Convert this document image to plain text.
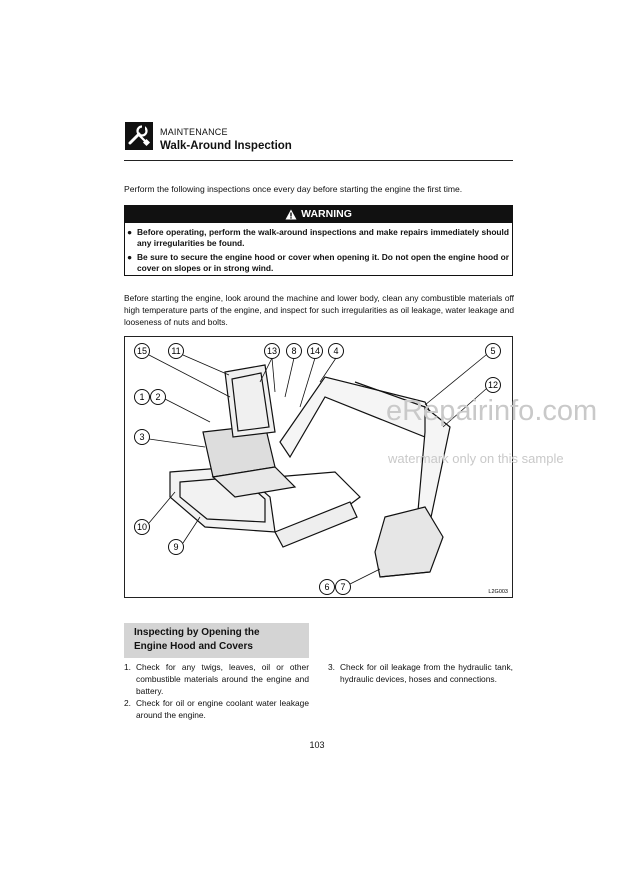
MAINTENANCE
Walk-Around Inspection
Perform the following inspections once every day before starting the engine the first time.
WARNING
● Before operating, perform the walk-around inspections and make repairs immediately should any irregularities be found.
● Be sure to secure the engine hood or cover when opening it. Do not open the engine hood or cover on slopes or in strong wind.
Before starting the engine, look around the machine and lower body, clean any combustible materials off high temperature parts of the engine, and inspect for such irregularities as oil leakage, water leakage and looseness of nuts and bolts.
15	11	13 8 14 4	5
12
1 2
3
10
9
6 7	L2G003
eRepairinfo.com
watermark only on this sample
Inspecting by Opening the
Engine Hood and Covers
1. Check for any twigs, leaves, oil or other combustible materials around the engine and battery.
2. Check for oil or engine coolant water leakage around the engine.
3. Check for oil leakage from the hydraulic tank, hydraulic devices, hoses and connections.
103
